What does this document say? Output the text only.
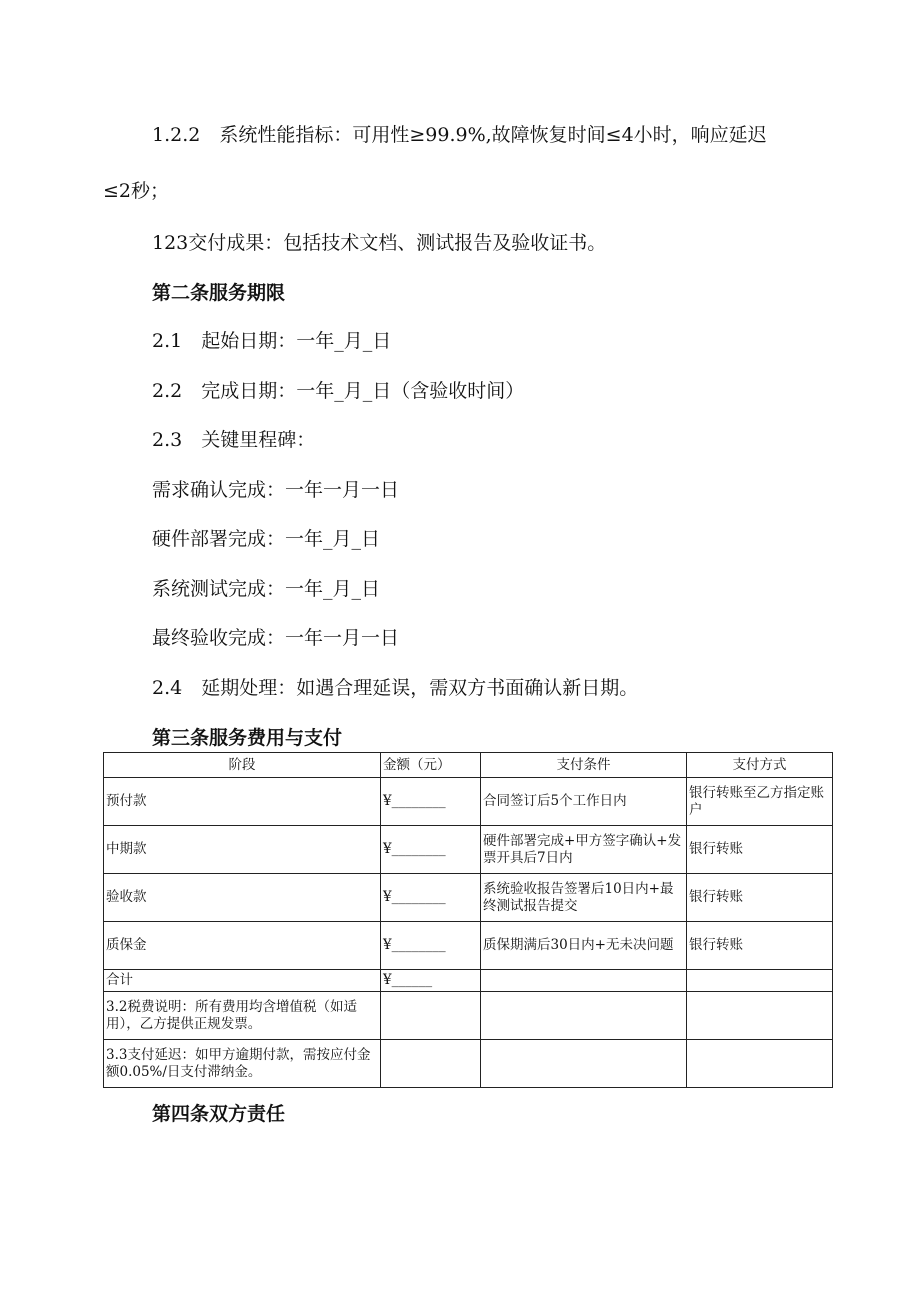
1.2.2　系统性能指标：可用性≥99.9%,故障恢复时间≤4小时，响应延迟
≤2秒；
123交付成果：包括技术文档、测试报告及验收证书。
第二条服务期限
2.1　起始日期：一年_月_日
2.2　完成日期：一年_月_日（含验收时间）
2.3　关键里程碑：
需求确认完成：一年一月一日
硬件部署完成：一年_月_日
系统测试完成：一年_月_日
最终验收完成：一年一月一日
2.4　延期处理：如遇合理延误，需双方书面确认新日期。
第三条服务费用与支付
阶段	金额（元）	支付条件	支付方式
预付款	¥________	合同签订后5个工作日内	银行转账至乙方指定账户
中期款	¥________	硬件部署完成+甲方签字确认+发票开具后7日内	银行转账
验收款	¥________	系统验收报告签署后10日内+最终测试报告提交	银行转账
质保金	¥________	质保期满后30日内+无未决问题	银行转账
合计	¥______		
3.2税费说明：所有费用均含增值税（如适用），乙方提供正规发票。			
3.3支付延迟：如甲方逾期付款，需按应付金额0.05%/日支付滞纳金。			
第四条双方责任
